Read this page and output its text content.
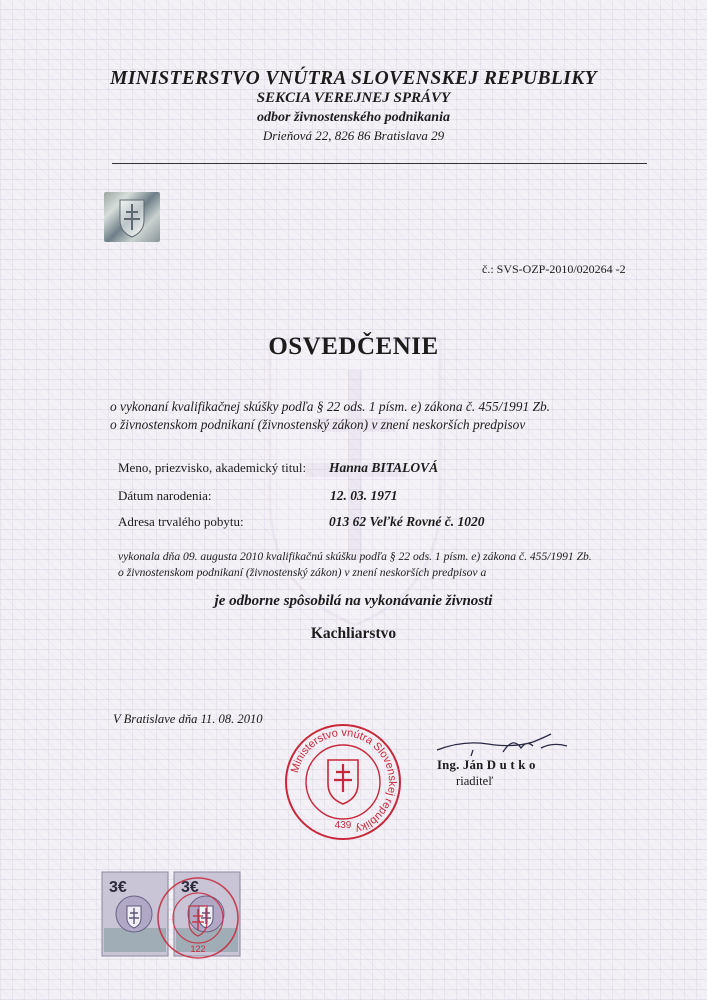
MINISTERSTVO VNÚTRA SLOVENSKEJ REPUBLIKY
SEKCIA VEREJNEJ SPRÁVY
odbor živnostenského podnikania
Drieňová 22, 826 86 Bratislava 29
č.: SVS-OZP-2010/020264 -2
OSVEDČENIE
o vykonaní kvalifikačnej skúšky podľa § 22 ods. 1 písm. e) zákona č. 455/1991 Zb.
o živnostenskom podnikaní (živnostenský zákon) v znení neskorších predpisov
Meno, priezvisko, akademický titul: Hanna BITALOVÁ
Dátum narodenia:	12. 03. 1971
Adresa trvalého pobytu:	013 62 Veľké Rovné č. 1020
vykonala dňa 09. augusta 2010 kvalifikačnú skúšku podľa § 22 ods. 1 písm. e) zákona č. 455/1991 Zb.
o živnostenskom podnikaní (živnostenský zákon) v znení neskorších predpisov a
je odborne spôsobilá na vykonávanie živnosti
Kachliarstvo
V Bratislave dňa 11. 08. 2010
Ministerstvo vnútra Slovenskej republiky
439
Ing. Ján D u t k o
riaditeľ
3€	3€
122
